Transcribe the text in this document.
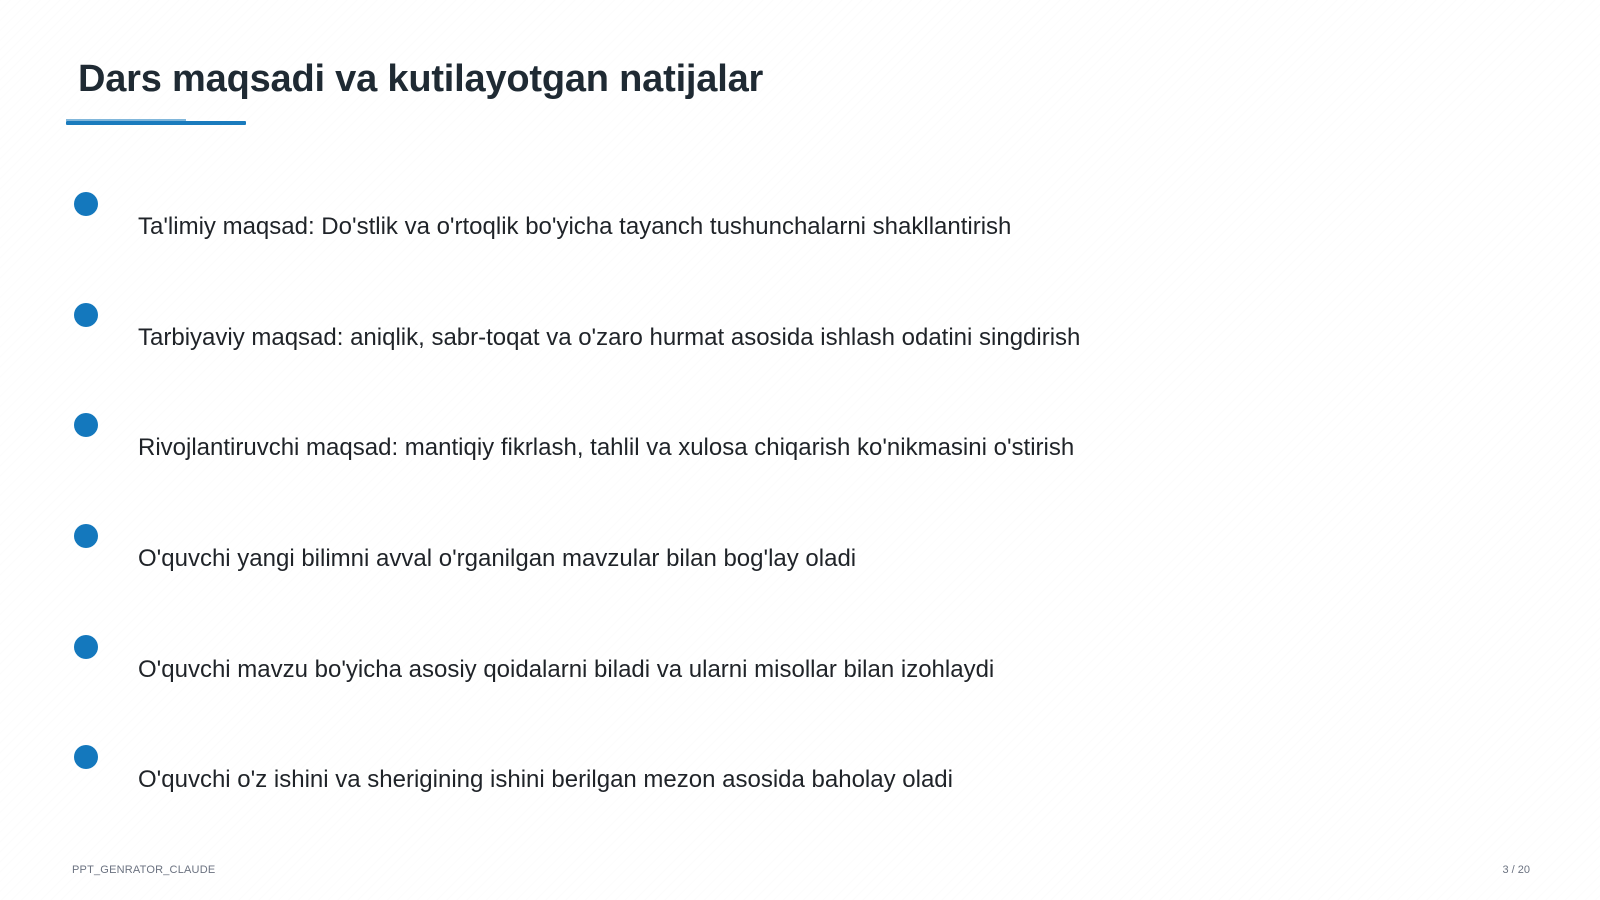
Dars maqsadi va kutilayotgan natijalar
Ta'limiy maqsad: Do'stlik va o'rtoqlik bo'yicha tayanch tushunchalarni shakllantirish
Tarbiyaviy maqsad: aniqlik, sabr-toqat va o'zaro hurmat asosida ishlash odatini singdirish
Rivojlantiruvchi maqsad: mantiqiy fikrlash, tahlil va xulosa chiqarish ko'nikmasini o'stirish
O'quvchi yangi bilimni avval o'rganilgan mavzular bilan bog'lay oladi
O'quvchi mavzu bo'yicha asosiy qoidalarni biladi va ularni misollar bilan izohlaydi
O'quvchi o'z ishini va sherigining ishini berilgan mezon asosida baholay oladi
PPT_GENRATOR_CLAUDE	3 / 20
